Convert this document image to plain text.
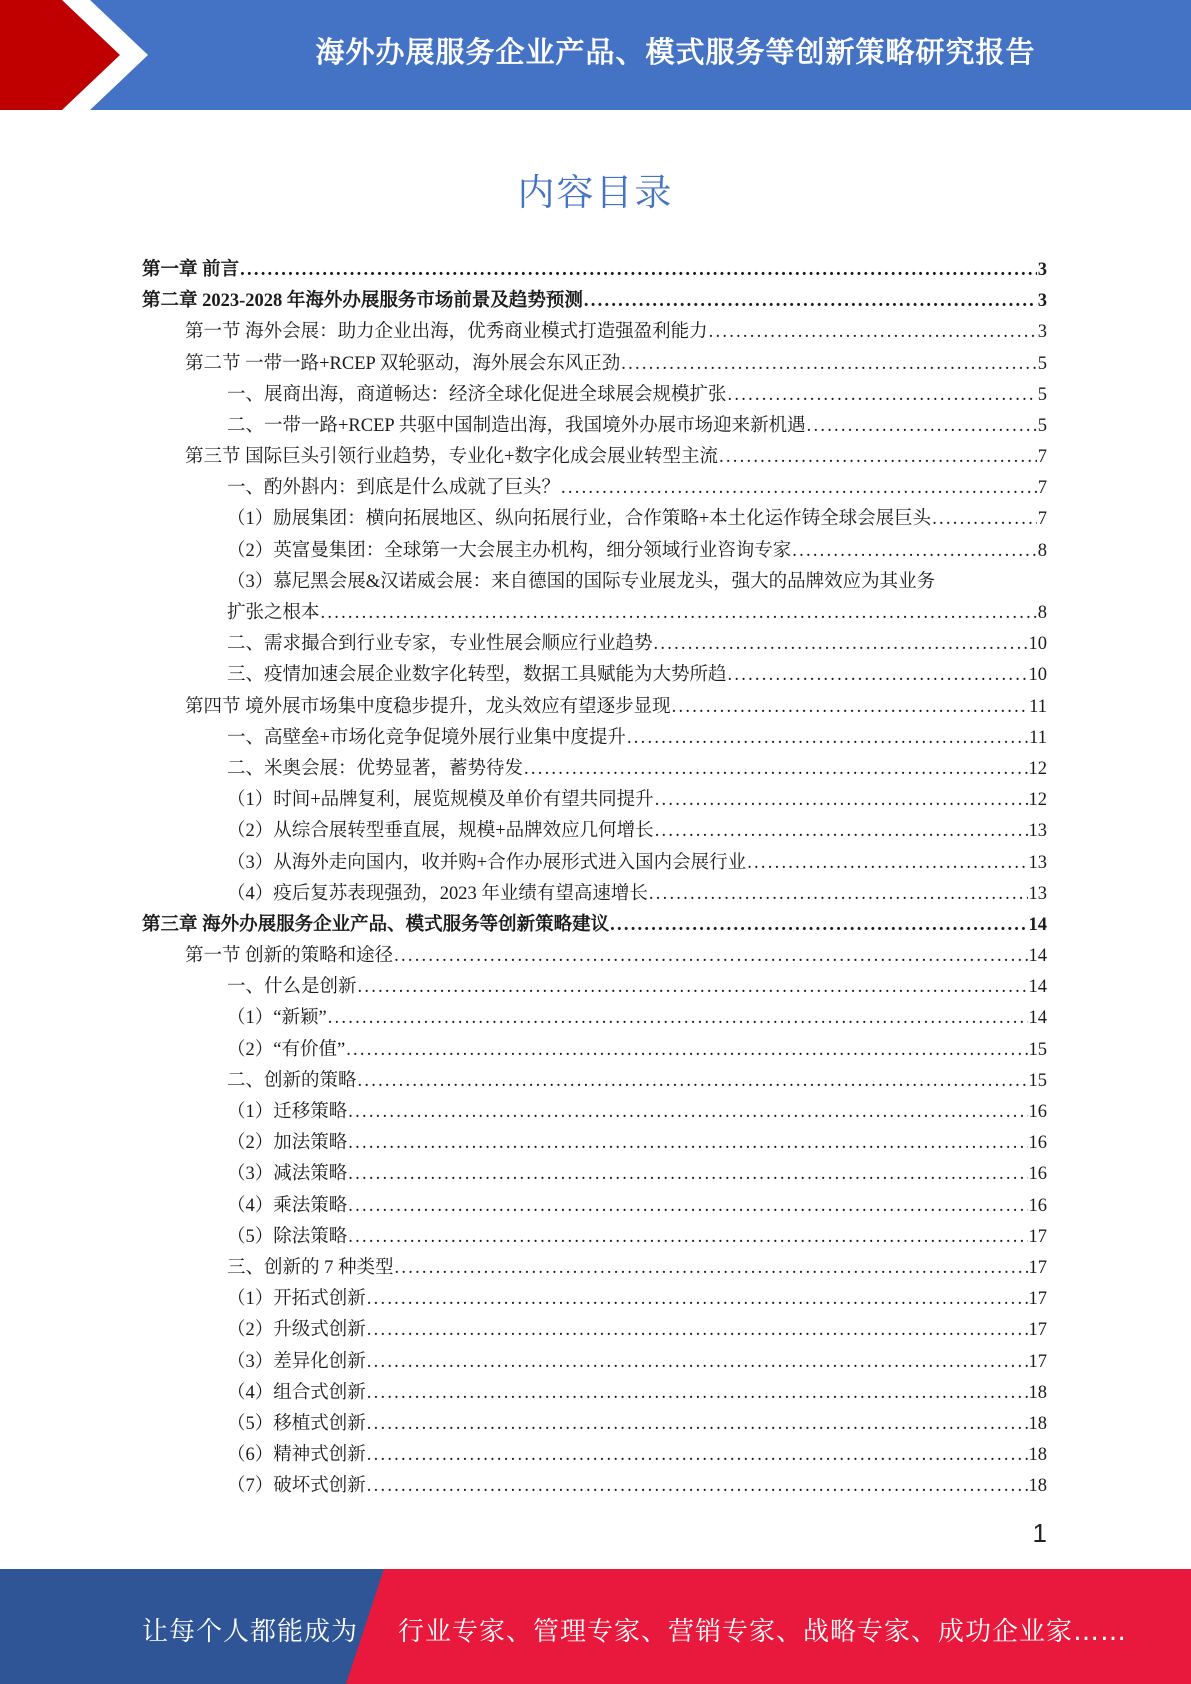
海外办展服务企业产品、模式服务等创新策略研究报告
内容目录
第一章 前言 . . .	3
第二章 2023-2028 年海外办展服务市场前景及趋势预测 . . .	3
第一节 海外会展：助力企业出海，优秀商业模式打造强盈利能力 . . .	3
第二节 一带一路+RCEP 双轮驱动，海外展会东风正劲 . . .	5
一、展商出海，商道畅达：经济全球化促进全球展会规模扩张 . . .	5
二、一带一路+RCEP 共驱中国制造出海，我国境外办展市场迎来新机遇 . . .	5
第三节 国际巨头引领行业趋势，专业化+数字化成会展业转型主流 . . .	7
一、酌外斟内：到底是什么成就了巨头？ . . .	7
（1）励展集团：横向拓展地区、纵向拓展行业，合作策略+本土化运作铸全球会展巨头 . . .	7
（2）英富曼集团：全球第一大会展主办机构，细分领域行业咨询专家 . . .	8
（3）慕尼黑会展&汉诺威会展：来自德国的国际专业展龙头，强大的品牌效应为其业务
扩张之根本 . . .	8
二、需求撮合到行业专家，专业性展会顺应行业趋势 . . .	10
三、疫情加速会展企业数字化转型，数据工具赋能为大势所趋 . . .	10
第四节 境外展市场集中度稳步提升，龙头效应有望逐步显现 . . .	11
一、高壁垒+市场化竞争促境外展行业集中度提升 . . .	11
二、米奥会展：优势显著，蓄势待发 . . .	12
（1）时间+品牌复利，展览规模及单价有望共同提升 . . .	12
（2）从综合展转型垂直展，规模+品牌效应几何增长 . . .	13
（3）从海外走向国内，收并购+合作办展形式进入国内会展行业 . . .	13
（4）疫后复苏表现强劲，2023 年业绩有望高速增长 . . .	13
第三章 海外办展服务企业产品、模式服务等创新策略建议 . . .	14
第一节 创新的策略和途径 . . .	14
一、什么是创新 . . .	14
（1）“新颖” . . .	14
（2）“有价值” . . .	15
二、创新的策略 . . .	15
（1）迁移策略 . . .	16
（2）加法策略 . . .	16
（3）减法策略 . . .	16
（4）乘法策略 . . .	16
（5）除法策略 . . .	17
三、创新的 7 种类型 . . .	17
（1）开拓式创新 . . .	17
（2）升级式创新 . . .	17
（3）差异化创新 . . .	17
（4）组合式创新 . . .	18
（5）移植式创新 . . .	18
（6）精神式创新 . . .	18
（7）破坏式创新 . . .	18
1
让每个人都能成为 行业专家、管理专家、营销专家、战略专家、成功企业家……
